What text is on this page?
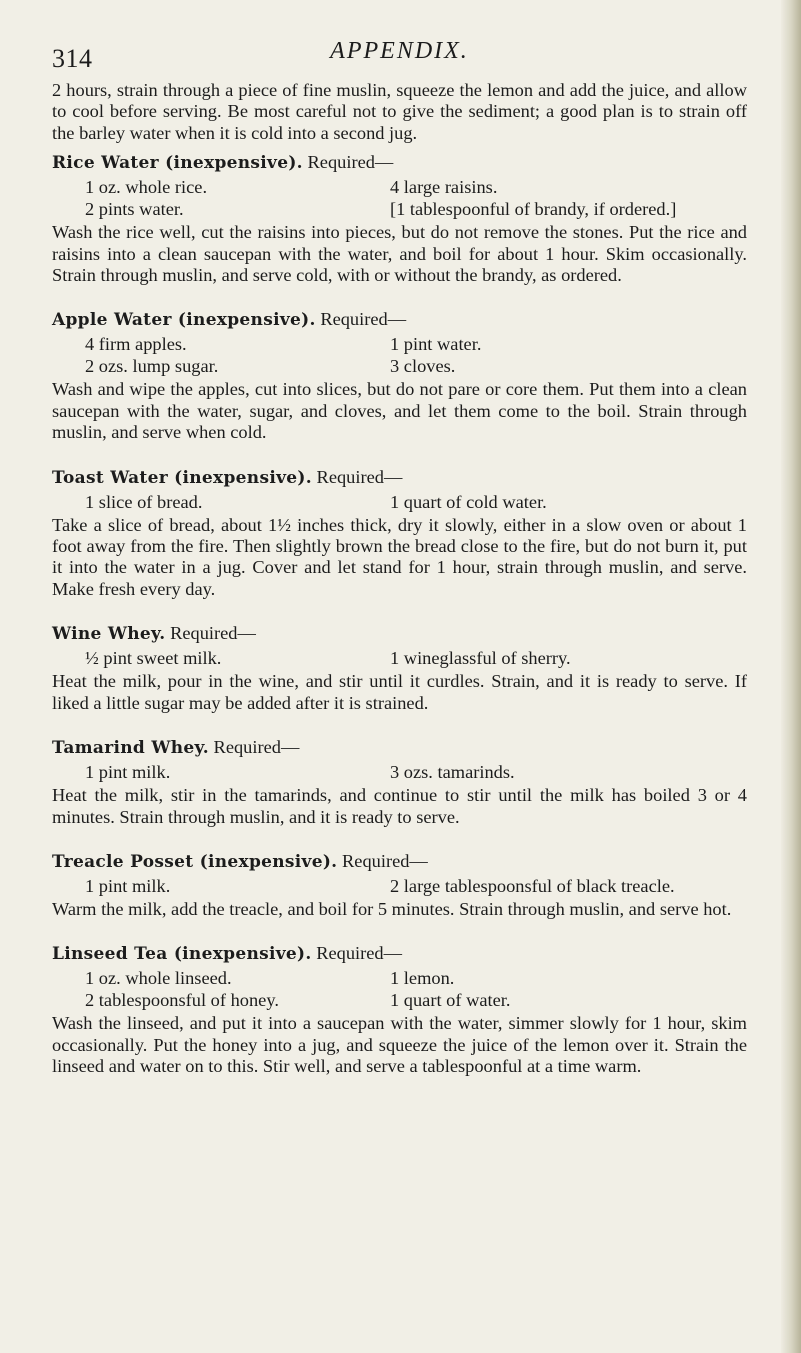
314	APPENDIX.

2 hours, strain through a piece of fine muslin, squeeze the lemon and add the juice, and allow to cool before serving. Be most careful not to give the sediment; a good plan is to strain off the barley water when it is cold into a second jug.

Rice Water (inexpensive). Required—
1 oz. whole rice.	4 large raisins.
2 pints water.	[1 tablespoonful of brandy, if ordered.]

Wash the rice well, cut the raisins into pieces, but do not remove the stones. Put the rice and raisins into a clean saucepan with the water, and boil for about 1 hour. Skim occasionally. Strain through muslin, and serve cold, with or without the brandy, as ordered.

Apple Water (inexpensive). Required—
4 firm apples.	1 pint water.
2 ozs. lump sugar.	3 cloves.

Wash and wipe the apples, cut into slices, but do not pare or core them. Put them into a clean saucepan with the water, sugar, and cloves, and let them come to the boil. Strain through muslin, and serve when cold.

Toast Water (inexpensive). Required—
1 slice of bread.	1 quart of cold water.

Take a slice of bread, about 1½ inches thick, dry it slowly, either in a slow oven or about 1 foot away from the fire. Then slightly brown the bread close to the fire, but do not burn it, put it into the water in a jug. Cover and let stand for 1 hour, strain through muslin, and serve. Make fresh every day.

Wine Whey. Required—
½ pint sweet milk.	1 wineglassful of sherry.

Heat the milk, pour in the wine, and stir until it curdles. Strain, and it is ready to serve. If liked a little sugar may be added after it is strained.

Tamarind Whey. Required—
1 pint milk.	3 ozs. tamarinds.

Heat the milk, stir in the tamarinds, and continue to stir until the milk has boiled 3 or 4 minutes. Strain through muslin, and it is ready to serve.

Treacle Posset (inexpensive). Required—
1 pint milk.	2 large tablespoonsful of black treacle.

Warm the milk, add the treacle, and boil for 5 minutes. Strain through muslin, and serve hot.

Linseed Tea (inexpensive). Required—
1 oz. whole linseed.	1 lemon.
2 tablespoonsful of honey.	1 quart of water.

Wash the linseed, and put it into a saucepan with the water, simmer slowly for 1 hour, skim occasionally. Put the honey into a jug, and squeeze the juice of the lemon over it. Strain the linseed and water on to this. Stir well, and serve a tablespoonful at a time warm.
